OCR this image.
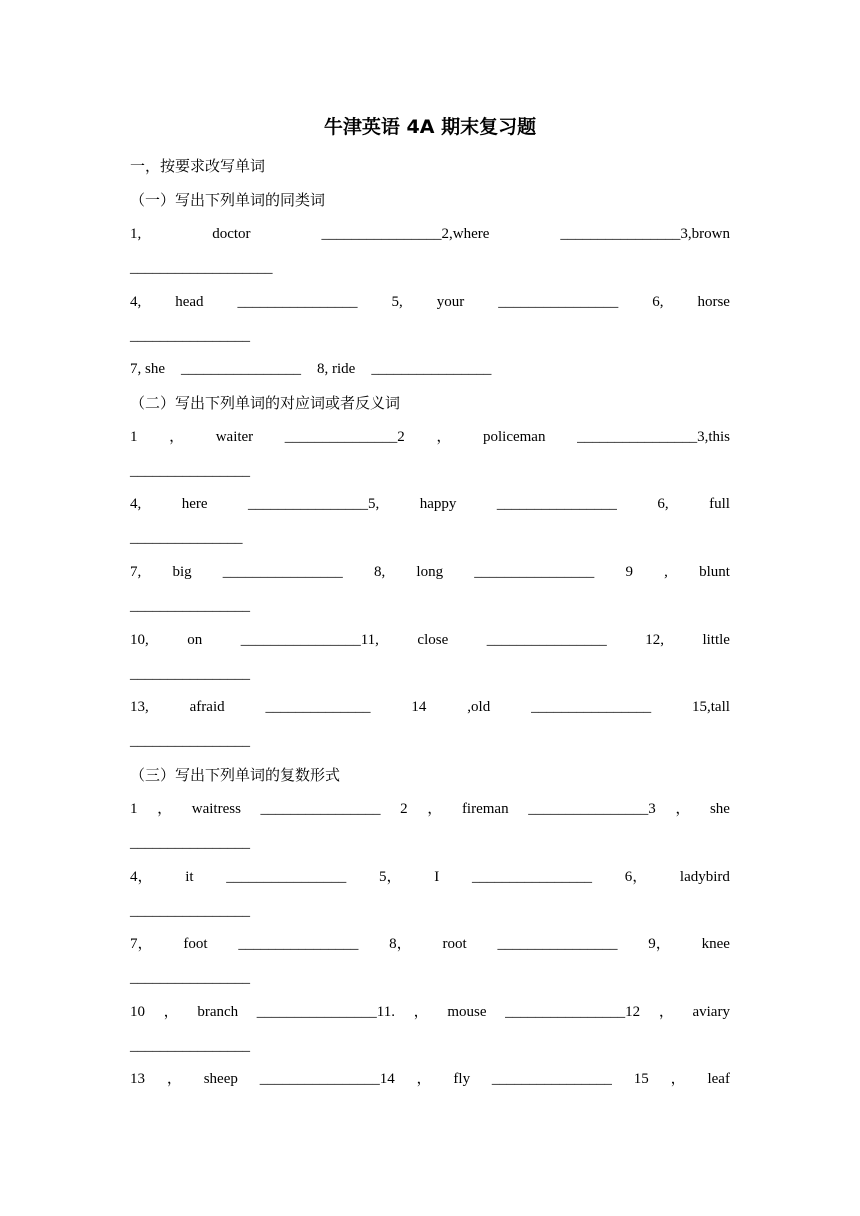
牛津英语 4A 期末复习题
一，按要求改写单词
（一）写出下列单词的同类词
1,	doctor	________________2,where	________________3,brown
___________________
4, head ________________ 5, your ________________ 6, horse
________________
7, she ________________ 8, ride ________________
（二）写出下列单词的对应词或者反义词
1 ， waiter _______________2 ， policeman ________________3,this
________________
4,	here	________________5,	happy	________________	6,	full
_______________
7, big ________________ 8, long ________________ 9 , blunt
________________
10,	on	________________11,	close	________________	12,	little
________________
13,	afraid	______________	14	,old	________________	15,tall
________________
（三）写出下列单词的复数形式
1 ， waitress ________________ 2 ， fireman ________________3 ， she
________________
4， it ________________ 5， I ________________ 6， ladybird
________________
7， foot ________________ 8， root ________________ 9， knee
________________
10 ， branch ________________11. ， mouse ________________12 ， aviary
________________
13 ， sheep ________________14 ， fly ________________ 15 ， leaf
